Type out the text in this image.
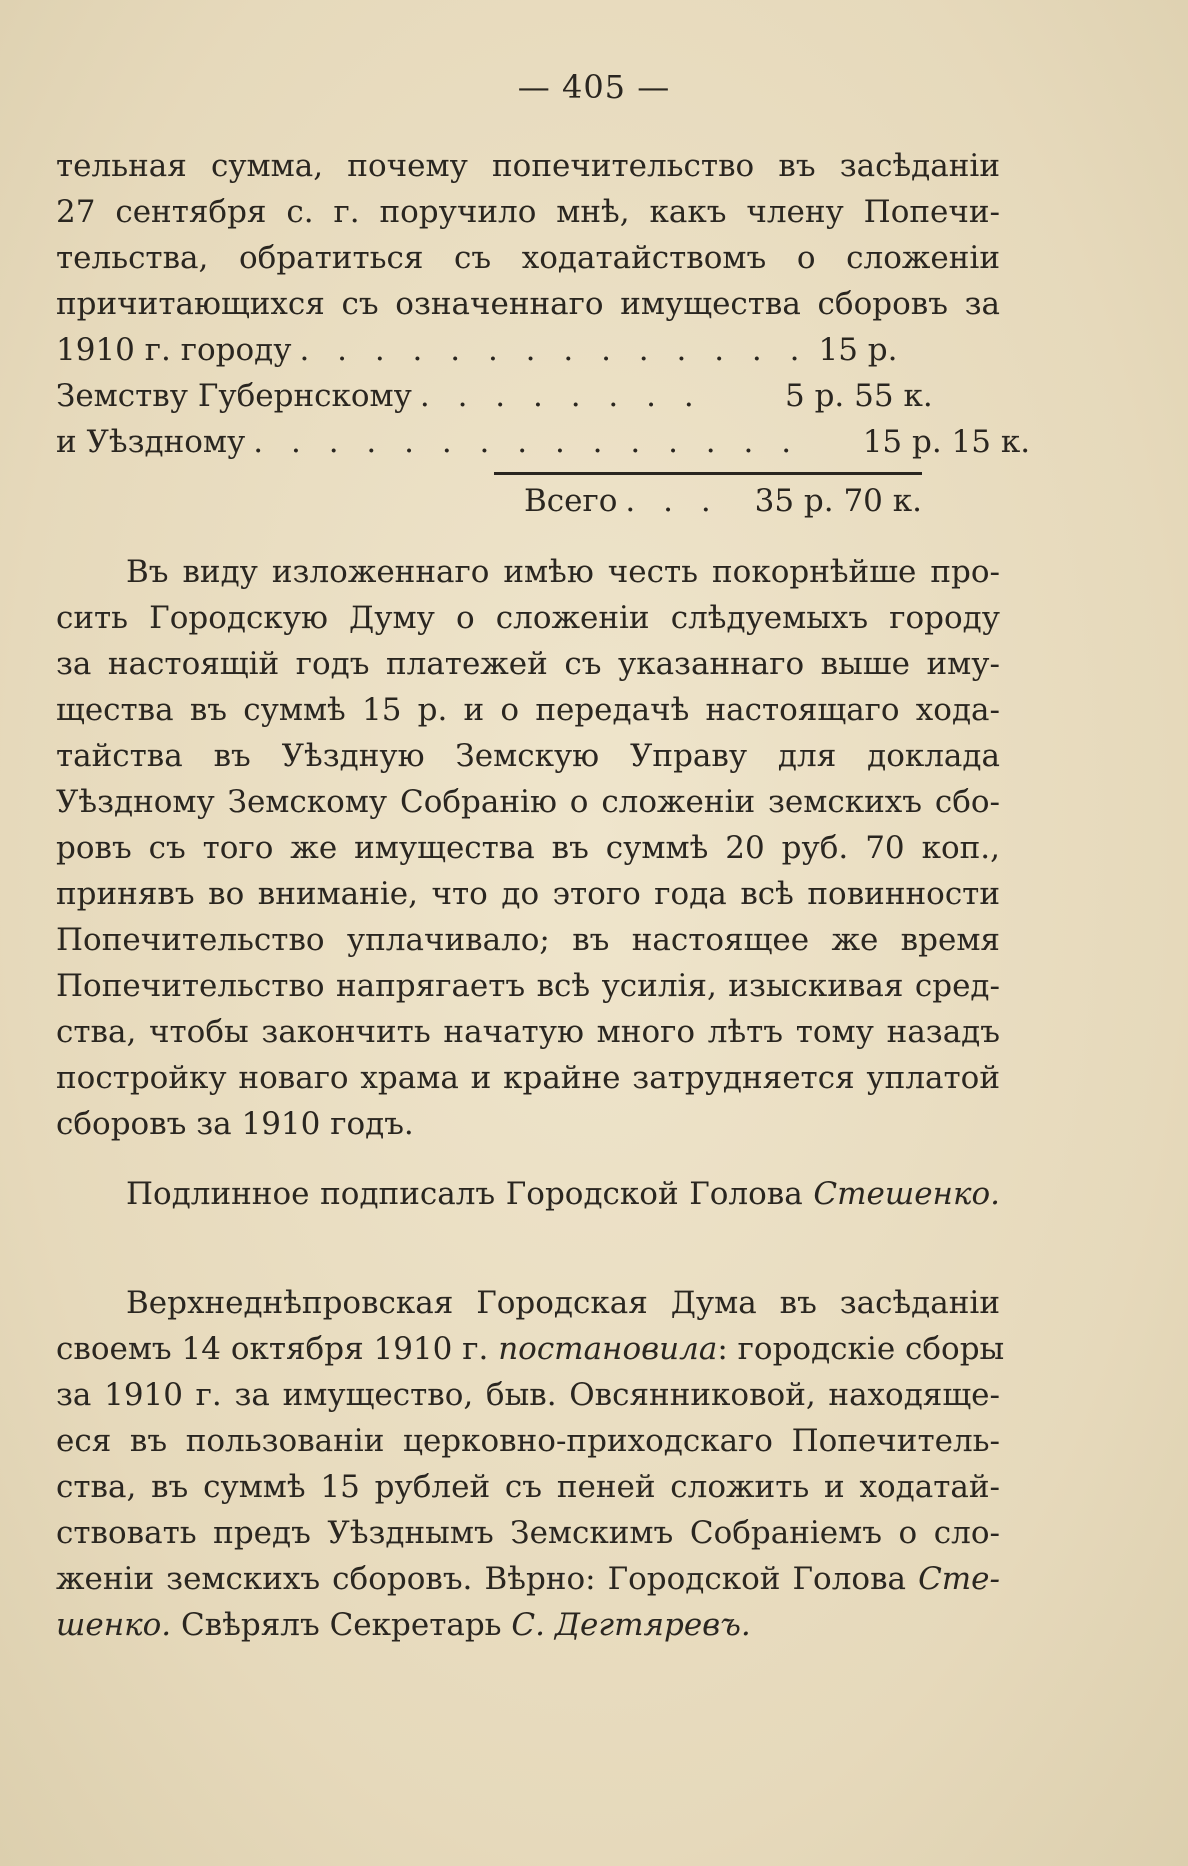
— 405 —
тельная сумма, почему попечительство въ засѣданіи
27 сентября с. г. поручило мнѣ, какъ члену Попечи-
тельства, обратиться съ ходатайствомъ о сложеніи
причитающихся съ означеннаго имущества сборовъ за
1910 г. городу . . . . . . . . . . . . . . 15 р.
Земству Губернскому . . . . . . . .	5 р. 55 к.
и Уѣздному . . . . . . . . . . . . . . .	15 р. 15 к.
Всего . . .	35 р. 70 к.
Въ виду изложеннаго имѣю честь покорнѣйше про-
сить Городскую Думу о сложеніи слѣдуемыхъ городу
за настоящій годъ платежей съ указаннаго выше иму-
щества въ суммѣ 15 р. и о передачѣ настоящаго хода-
тайства въ Уѣздную Земскую Управу для доклада
Уѣздному Земскому Собранію о сложеніи земскихъ сбо-
ровъ съ того же имущества въ суммѣ 20 руб. 70 коп.,
принявъ во вниманіе, что до этого года всѣ повинности
Попечительство уплачивало; въ настоящее же время
Попечительство напрягаетъ всѣ усилія, изыскивая сред-
ства, чтобы закончить начатую много лѣтъ тому назадъ
постройку новаго храма и крайне затрудняется уплатой
сборовъ за 1910 годъ.
Подлинное подписалъ Городской Голова Стешенко.
Верхнеднѣпровская Городская Дума въ засѣданіи
своемъ 14 октября 1910 г. постановила: городскіе сборы
за 1910 г. за имущество, быв. Овсянниковой, находяще-
еся въ пользованіи церковно-приходскаго Попечитель-
ства, въ суммѣ 15 рублей съ пеней сложить и ходатай-
ствовать предъ Уѣзднымъ Земскимъ Собраніемъ о сло-
женіи земскихъ сборовъ. Вѣрно: Городской Голова Сте-
шенко. Свѣрялъ Секретарь С. Дегтяревъ.
